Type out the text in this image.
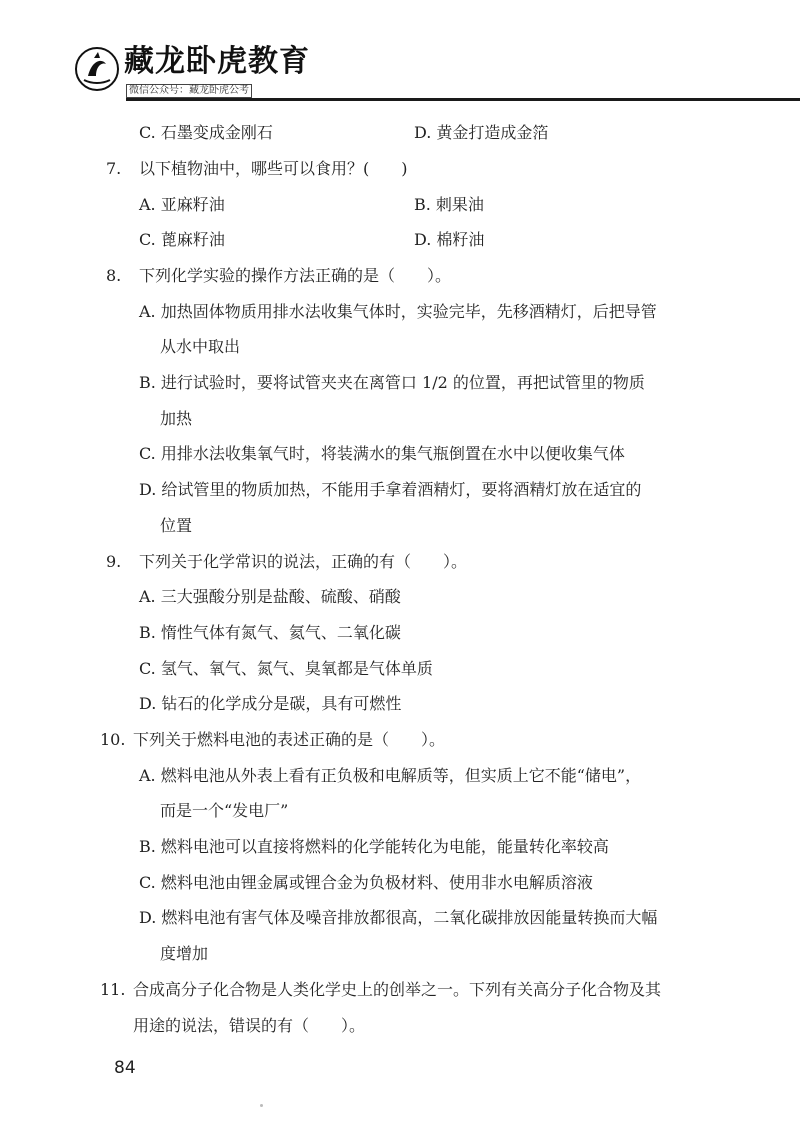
藏龙卧虎教育
微信公众号：藏龙卧虎公考
C. 石墨变成金刚石	D. 黄金打造成金箔
7. 以下植物油中，哪些可以食用？(　　)
A. 亚麻籽油	B. 刺果油
C. 蓖麻籽油	D. 棉籽油
8. 下列化学实验的操作方法正确的是（　　）。
A. 加热固体物质用排水法收集气体时，实验完毕，先移酒精灯，后把导管
从水中取出
B. 进行试验时，要将试管夹夹在离管口 1/2 的位置，再把试管里的物质
加热
C. 用排水法收集氧气时，将装满水的集气瓶倒置在水中以便收集气体
D. 给试管里的物质加热，不能用手拿着酒精灯，要将酒精灯放在适宜的
位置
9. 下列关于化学常识的说法，正确的有（　　）。
A. 三大强酸分别是盐酸、硫酸、硝酸
B. 惰性气体有氮气、氦气、二氧化碳
C. 氢气、氧气、氮气、臭氧都是气体单质
D. 钻石的化学成分是碳，具有可燃性
10. 下列关于燃料电池的表述正确的是（　　）。
A. 燃料电池从外表上看有正负极和电解质等，但实质上它不能“储电”，
而是一个“发电厂”
B. 燃料电池可以直接将燃料的化学能转化为电能，能量转化率较高
C. 燃料电池由锂金属或锂合金为负极材料、使用非水电解质溶液
D. 燃料电池有害气体及噪音排放都很高，二氧化碳排放因能量转换而大幅
度增加
11. 合成高分子化合物是人类化学史上的创举之一。下列有关高分子化合物及其
用途的说法，错误的有（　　）。
84
